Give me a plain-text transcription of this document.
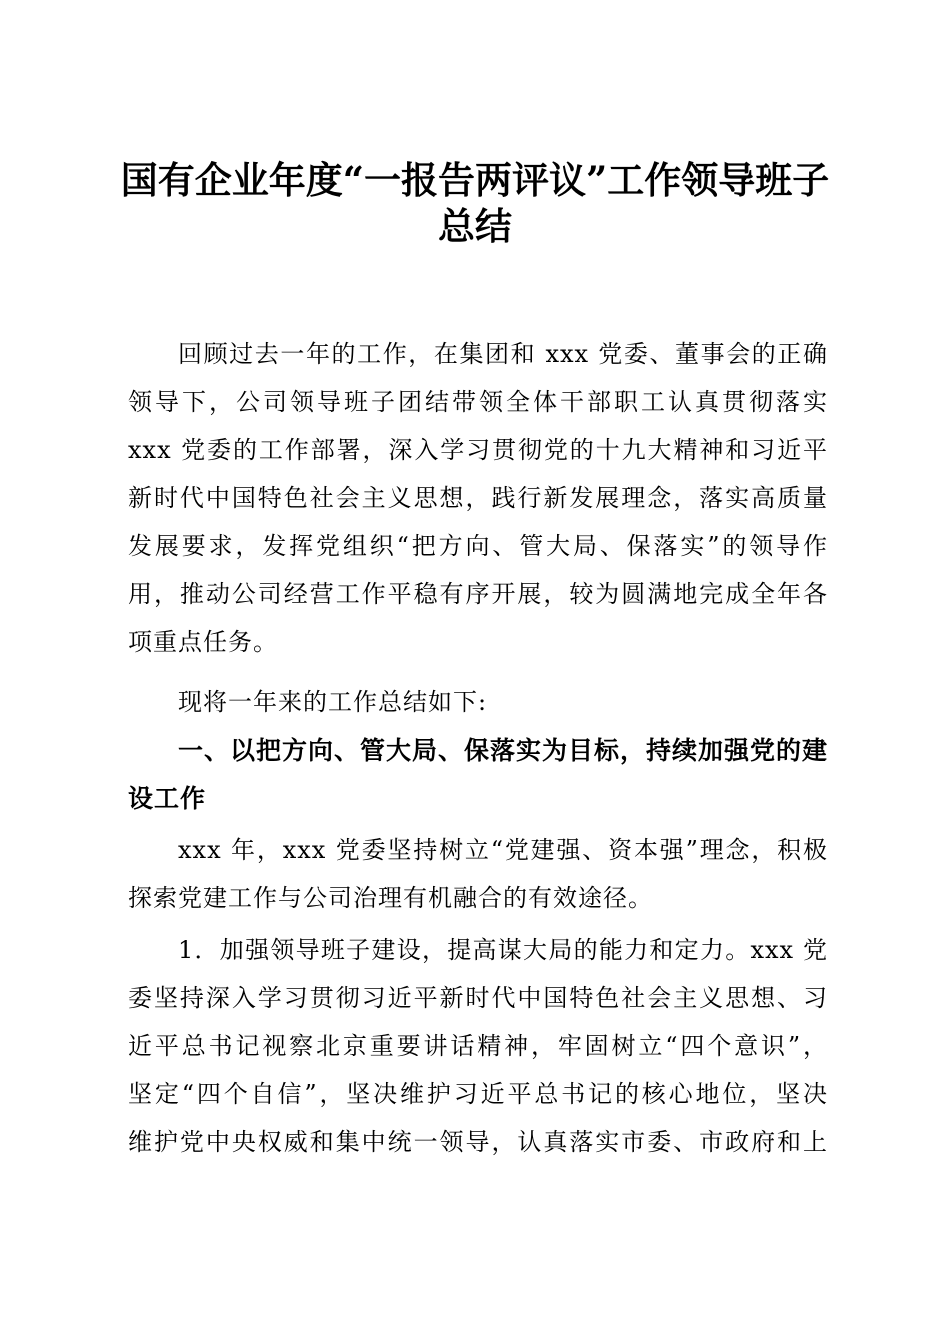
国有企业年度“一报告两评议”工作领导班子
总结
回顾过去一年的工作，在集团和 xxx 党委、董事会的正确
领导下，公司领导班子团结带领全体干部职工认真贯彻落实
xxx 党委的工作部署，深入学习贯彻党的十九大精神和习近平
新时代中国特色社会主义思想，践行新发展理念，落实高质量
发展要求，发挥党组织“把方向、管大局、保落实”的领导作
用，推动公司经营工作平稳有序开展，较为圆满地完成全年各
项重点任务。
现将一年来的工作总结如下:
一、以把方向、管大局、保落实为目标，持续加强党的建
设工作
xxx 年，xxx 党委坚持树立“党建强、资本强”理念，积极
探索党建工作与公司治理有机融合的有效途径。
1．加强领导班子建设，提高谋大局的能力和定力。xxx 党
委坚持深入学习贯彻习近平新时代中国特色社会主义思想、习
近平总书记视察北京重要讲话精神，牢固树立“四个意识”，
坚定“四个自信”，坚决维护习近平总书记的核心地位，坚决
维护党中央权威和集中统一领导，认真落实市委、市政府和上
